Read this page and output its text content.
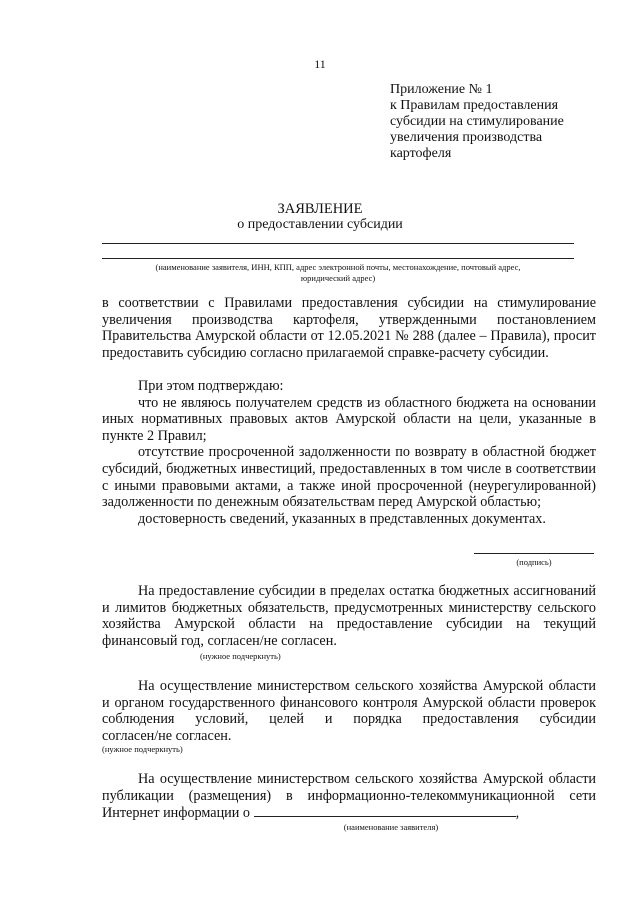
11
Приложение № 1
к Правилам предоставления
субсидии на стимулирование
увеличения производства
картофеля
ЗАЯВЛЕНИЕ
о предоставлении субсидии
(наименование заявителя, ИНН, КПП, адрес электронной почты, местонахождение, почтовый адрес,
юридический адрес)
в соответствии с Правилами предоставления субсидии на стимулирование
увеличения производства картофеля, утвержденными постановлением
Правительства Амурской области от 12.05.2021 № 288 (далее – Правила), просит
предоставить субсидию согласно прилагаемой справке-расчету субсидии.
При этом подтверждаю:
что не являюсь получателем средств из областного бюджета на основании
иных нормативных правовых актов Амурской области на цели, указанные в
пункте 2 Правил;
отсутствие просроченной задолженности по возврату в областной бюджет
субсидий, бюджетных инвестиций, предоставленных в том числе в соответствии
с иными правовыми актами, а также иной просроченной (неурегулированной)
задолженности по денежным обязательствам перед Амурской областью;
достоверность сведений, указанных в представленных документах.
(подпись)
На предоставление субсидии в пределах остатка бюджетных ассигнований
и лимитов бюджетных обязательств, предусмотренных министерству сельского
хозяйства Амурской области на предоставление субсидии на текущий
финансовый год, согласен/не согласен.
(нужное подчеркнуть)
На осуществление министерством сельского хозяйства Амурской области
и органом государственного финансового контроля Амурской области проверок
соблюдения условий, целей и порядка предоставления субсидии
согласен/не согласен.
(нужное подчеркнуть)
На осуществление министерством сельского хозяйства Амурской области
публикации (размещения) в информационно-телекоммуникационной сети
Интернет информации о	,
(наименование заявителя)
